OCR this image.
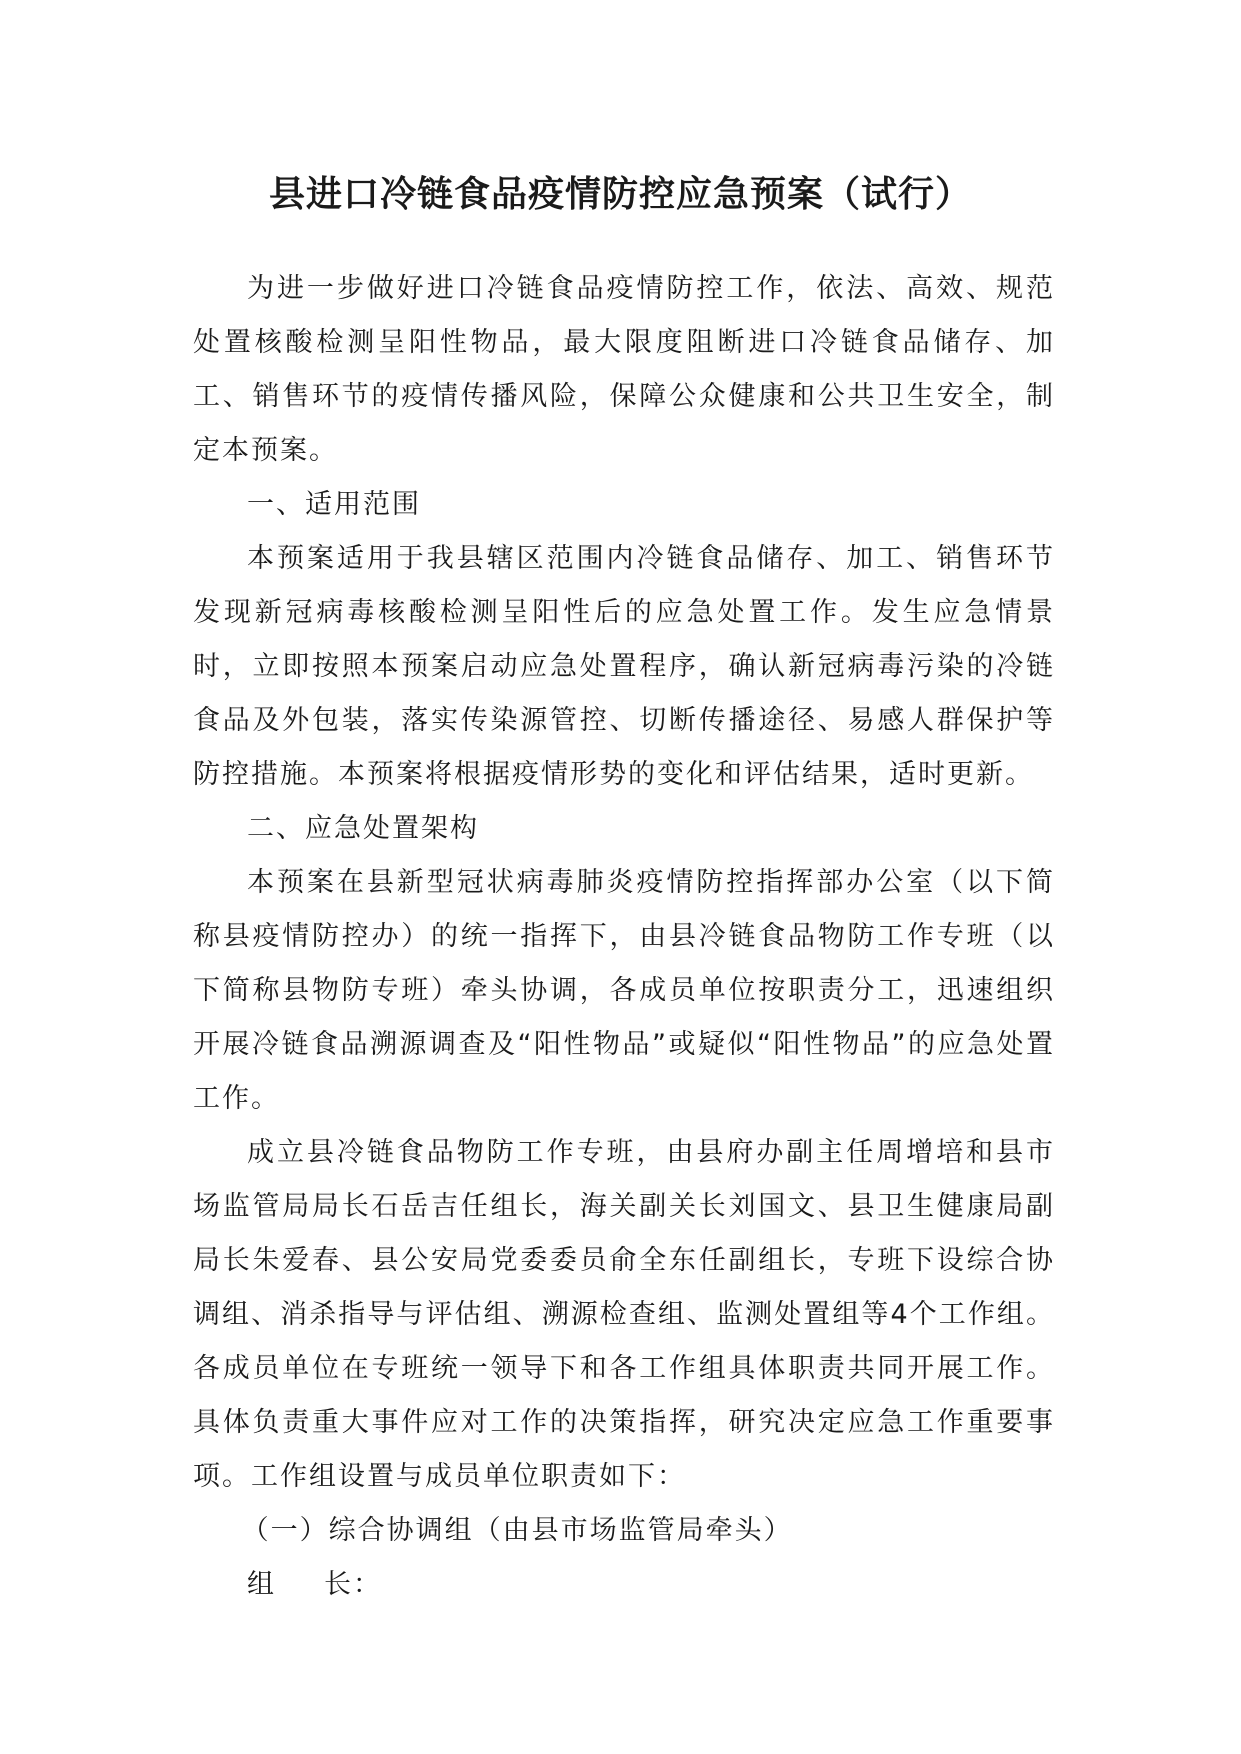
县进口冷链食品疫情防控应急预案（试行）

为进一步做好进口冷链食品疫情防控工作，依法、高效、规范处置核酸检测呈阳性物品，最大限度阻断进口冷链食品储存、加工、销售环节的疫情传播风险，保障公众健康和公共卫生安全，制定本预案。

一、适用范围

本预案适用于我县辖区范围内冷链食品储存、加工、销售环节发现新冠病毒核酸检测呈阳性后的应急处置工作。发生应急情景时，立即按照本预案启动应急处置程序，确认新冠病毒污染的冷链食品及外包装，落实传染源管控、切断传播途径、易感人群保护等防控措施。本预案将根据疫情形势的变化和评估结果，适时更新。

二、应急处置架构

本预案在县新型冠状病毒肺炎疫情防控指挥部办公室（以下简称县疫情防控办）的统一指挥下，由县冷链食品物防工作专班（以下简称县物防专班）牵头协调，各成员单位按职责分工，迅速组织开展冷链食品溯源调查及“阳性物品”或疑似“阳性物品”的应急处置工作。

成立县冷链食品物防工作专班，由县府办副主任周增培和县市场监管局局长石岳吉任组长，海关副关长刘国文、县卫生健康局副局长朱爱春、县公安局党委委员俞全东任副组长，专班下设综合协调组、消杀指导与评估组、溯源检查组、监测处置组等4个工作组。各成员单位在专班统一领导下和各工作组具体职责共同开展工作。具体负责重大事件应对工作的决策指挥，研究决定应急工作重要事项。工作组设置与成员单位职责如下：

（一）综合协调组（由县市场监管局牵头）

组 长：
